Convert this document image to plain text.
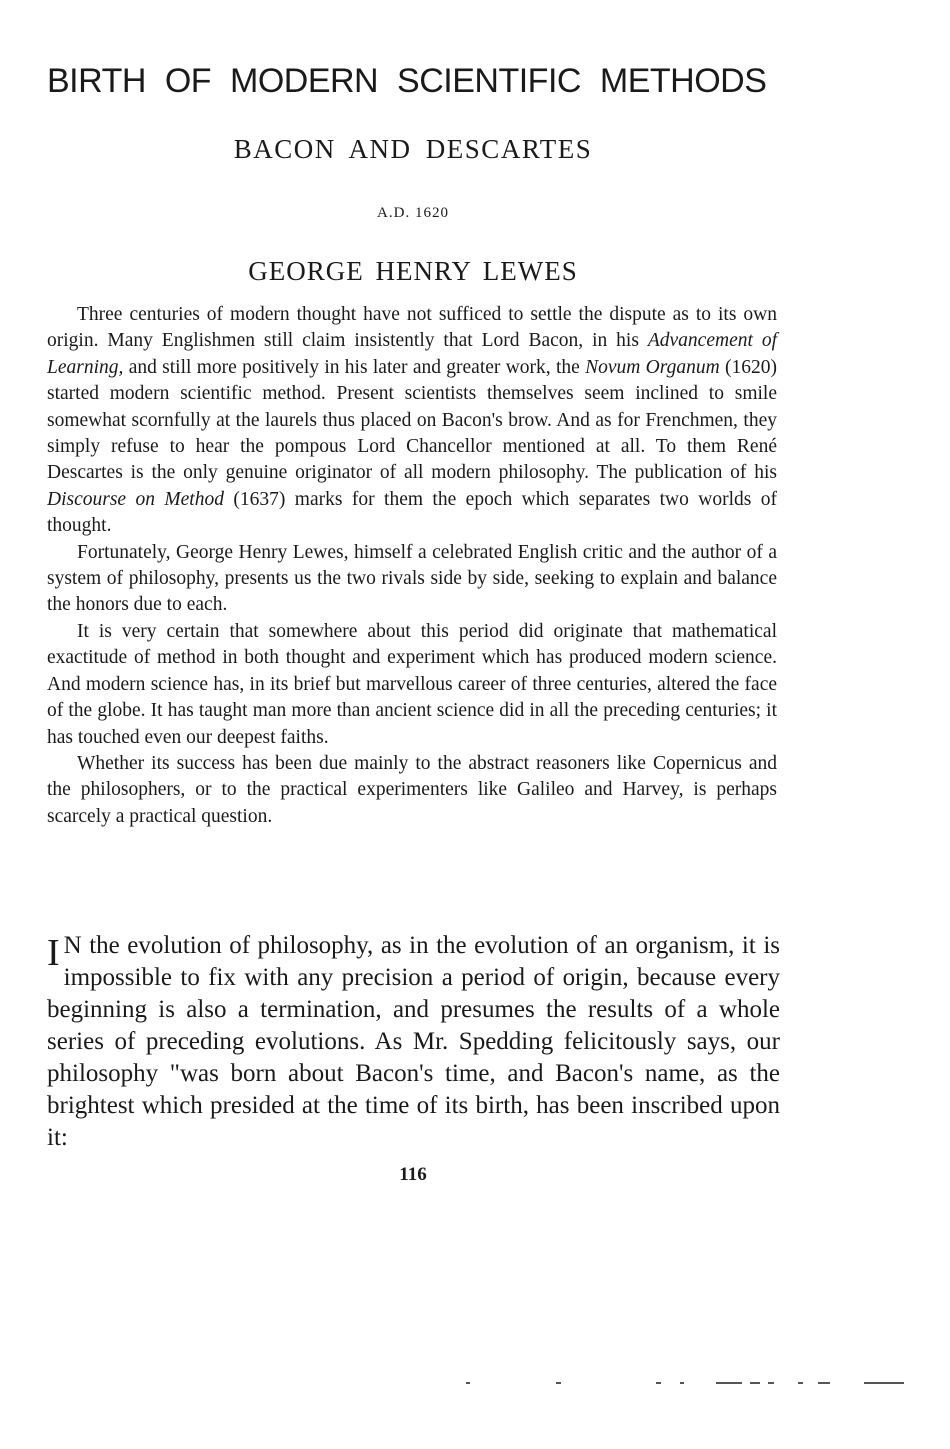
BIRTH OF MODERN SCIENTIFIC METHODS
BACON AND DESCARTES
A.D. 1620
GEORGE HENRY LEWES

Three centuries of modern thought have not sufficed to settle the dispute as to its own origin. Many Englishmen still claim insistently that Lord Bacon, in his Advancement of Learning, and still more positively in his later and greater work, the Novum Organum (1620) started modern scientific method. Present scientists themselves seem inclined to smile somewhat scornfully at the laurels thus placed on Bacon's brow. And as for Frenchmen, they simply refuse to hear the pompous Lord Chancellor mentioned at all. To them René Descartes is the only genuine originator of all modern philosophy. The publication of his Discourse on Method (1637) marks for them the epoch which separates two worlds of thought.

Fortunately, George Henry Lewes, himself a celebrated English critic and the author of a system of philosophy, presents us the two rivals side by side, seeking to explain and balance the honors due to each.

It is very certain that somewhere about this period did originate that mathematical exactitude of method in both thought and experiment which has produced modern science. And modern science has, in its brief but marvellous career of three centuries, altered the face of the globe. It has taught man more than ancient science did in all the preceding centuries; it has touched even our deepest faiths.

Whether its success has been due mainly to the abstract reasoners like Copernicus and the philosophers, or to the practical experimenters like Galileo and Harvey, is perhaps scarcely a practical question.

I N the evolution of philosophy, as in the evolution of an organism, it is impossible to fix with any precision a period of origin, because every beginning is also a termination, and presumes the results of a whole series of preceding evolutions. As Mr. Spedding felicitously says, our philosophy "was born about Bacon's time, and Bacon's name, as the brightest which presided at the time of its birth, has been inscribed upon it:

116
